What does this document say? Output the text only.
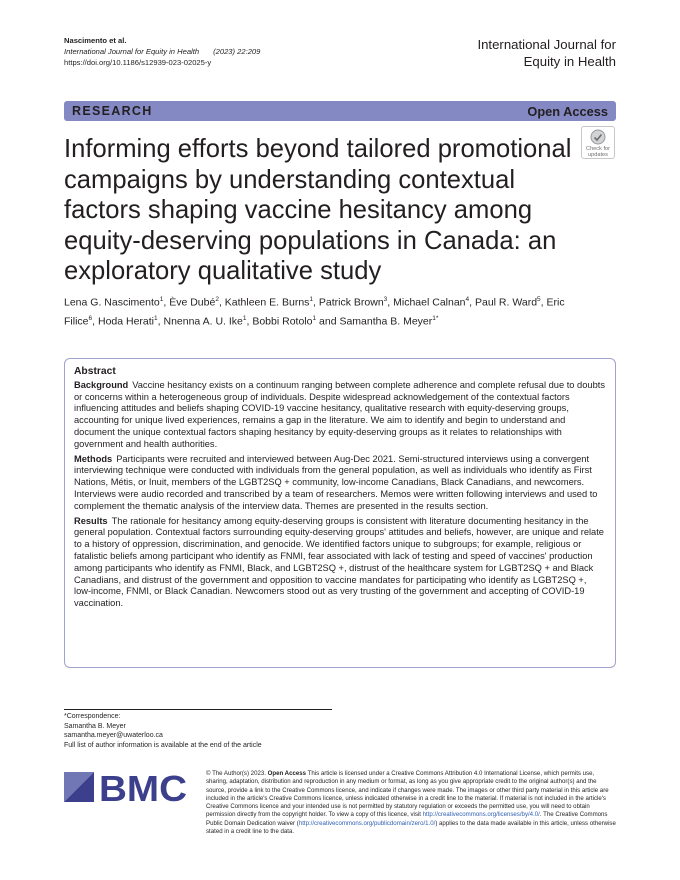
Nascimento et al.
International Journal for Equity in Health (2023) 22:209
https://doi.org/10.1186/s12939-023-02025-y
International Journal for
Equity in Health
RESEARCH	Open Access
Check for
updates
Informing efforts beyond tailored promotional campaigns by understanding contextual factors shaping vaccine hesitancy among equity-deserving populations in Canada: an exploratory qualitative study
Lena G. Nascimento$^1$, Ève Dubé$^2$, Kathleen E. Burns$^1$, Patrick Brown$^3$, Michael Calnan$^4$, Paul R. Ward$^5$, Eric Filice$^6$, Hoda Herati$^1$, Nnenna A. U. Ike$^1$, Bobbi Rotolo$^1$ and Samantha B. Meyer$^{1*}$
Abstract

Background Vaccine hesitancy exists on a continuum ranging between complete adherence and complete refusal due to doubts or concerns within a heterogeneous group of individuals. Despite widespread acknowledgement of the contextual factors influencing attitudes and beliefs shaping COVID-19 vaccine hesitancy, qualitative research with equity-deserving groups, accounting for unique lived experiences, remains a gap in the literature. We aim to identify and begin to understand and document the unique contextual factors shaping hesitancy by equity-deserving groups as it relates to relationships with government and health authorities.

Methods Participants were recruited and interviewed between Aug-Dec 2021. Semi-structured interviews using a convergent interviewing technique were conducted with individuals from the general population, as well as individuals who identify as First Nations, Métis, or Inuit, members of the LGBT2SQ + community, low-income Canadians, Black Canadians, and newcomers. Interviews were audio recorded and transcribed by a team of researchers. Memos were written following interviews and used to complement the thematic analysis of the interview data. Themes are presented in the results section.

Results The rationale for hesitancy among equity-deserving groups is consistent with literature documenting hesitancy in the general population. Contextual factors surrounding equity-deserving groups' attitudes and beliefs, however, are unique and relate to a history of oppression, discrimination, and genocide. We identified factors unique to subgroups; for example, religious or fatalistic beliefs among participant who identify as FNMI, fear associated with lack of testing and speed of vaccines' production among participants who identify as FNMI, Black, and LGBT2SQ +, distrust of the healthcare system for LGBT2SQ + and Black Canadians, and distrust of the government and opposition to vaccine mandates for participating who identify as LGBT2SQ +, low-income, FNMI, or Black Canadian. Newcomers stood out as very trusting of the government and accepting of COVID-19 vaccination.

*Correspondence:
Samantha B. Meyer
samantha.meyer@uwaterloo.ca
Full list of author information is available at the end of the article
BMC	© The Author(s) 2023. Open Access This article is licensed under a Creative Commons Attribution 4.0 International License, which permits use, sharing, adaptation, distribution and reproduction in any medium or format, as long as you give appropriate credit to the original author(s) and the source, provide a link to the Creative Commons licence, and indicate if changes were made. The images or other third party material in this article are included in the article's Creative Commons licence, unless indicated otherwise in a credit line to the material. If material is not included in the article's Creative Commons licence and your intended use is not permitted by statutory regulation or exceeds the permitted use, you will need to obtain permission directly from the copyright holder. To view a copy of this licence, visit http://creativecommons.org/licenses/by/4.0/. The Creative Commons Public Domain Dedication waiver (http://creativecommons.org/publicdomain/zero/1.0/) applies to the data made available in this article, unless otherwise stated in a credit line to the data.
